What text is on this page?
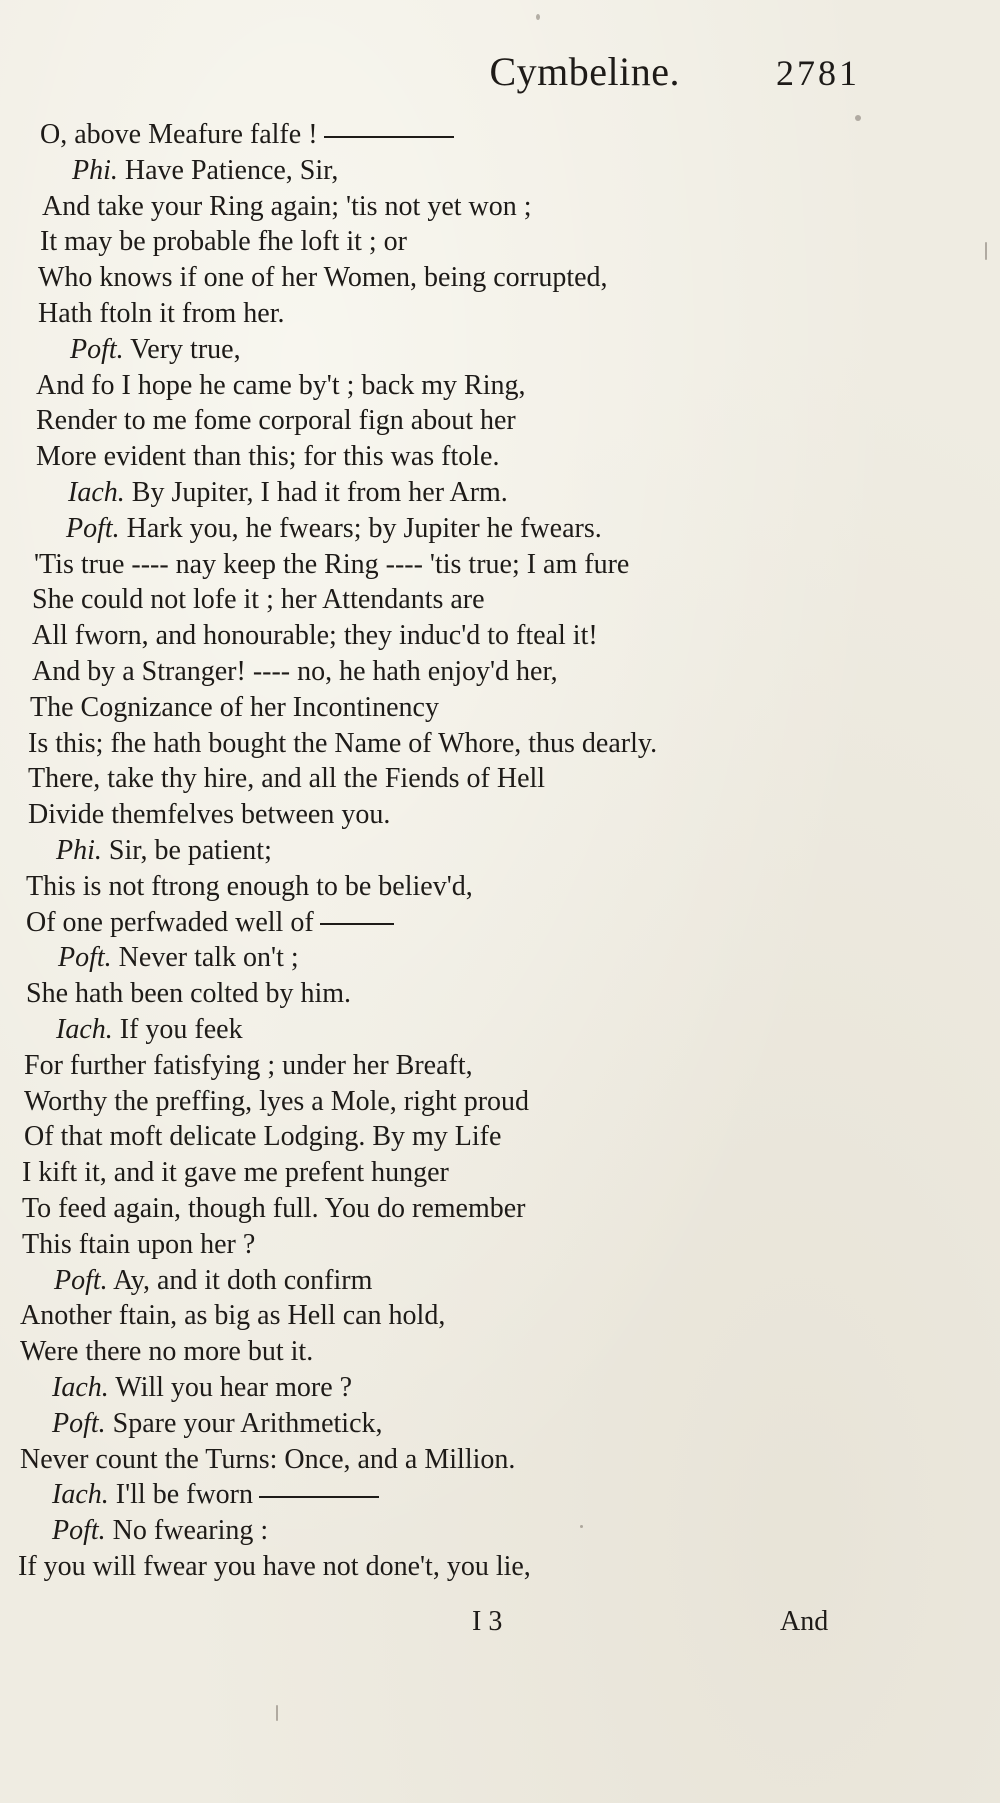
Cymbeline.	2781
O, above Meafure falfe !
Phi. Have Patience, Sir,
And take your Ring again; 'tis not yet won ;
It may be probable fhe loft it ; or
Who knows if one of her Women, being corrupted,
Hath ftoln it from her.
Poft. Very true,
And fo I hope he came by't ; back my Ring,
Render to me fome corporal fign about her
More evident than this; for this was ftole.
Iach. By Jupiter, I had it from her Arm.
Poft. Hark you, he fwears; by Jupiter he fwears.
'Tis true ---- nay keep the Ring ---- 'tis true; I am fure
She could not lofe it ; her Attendants are
All fworn, and honourable; they induc'd to fteal it!
And by a Stranger! ---- no, he hath enjoy'd her,
The Cognizance of her Incontinency
Is this; fhe hath bought the Name of Whore, thus dearly.
There, take thy hire, and all the Fiends of Hell
Divide themfelves between you.
Phi. Sir, be patient;
This is not ftrong enough to be believ'd,
Of one perfwaded well of
Poft. Never talk on't ;
She hath been colted by him.
Iach. If you feek
For further fatisfying ; under her Breaft,
Worthy the preffing, lyes a Mole, right proud
Of that moft delicate Lodging. By my Life
I kift it, and it gave me prefent hunger
To feed again, though full. You do remember
This ftain upon her ?
Poft. Ay, and it doth confirm
Another ftain, as big as Hell can hold,
Were there no more but it.
Iach. Will you hear more ?
Poft. Spare your Arithmetick,
Never count the Turns: Once, and a Million.
Iach. I'll be fworn
Poft. No fwearing :
If you will fwear you have not done't, you lie,
I 3	And
